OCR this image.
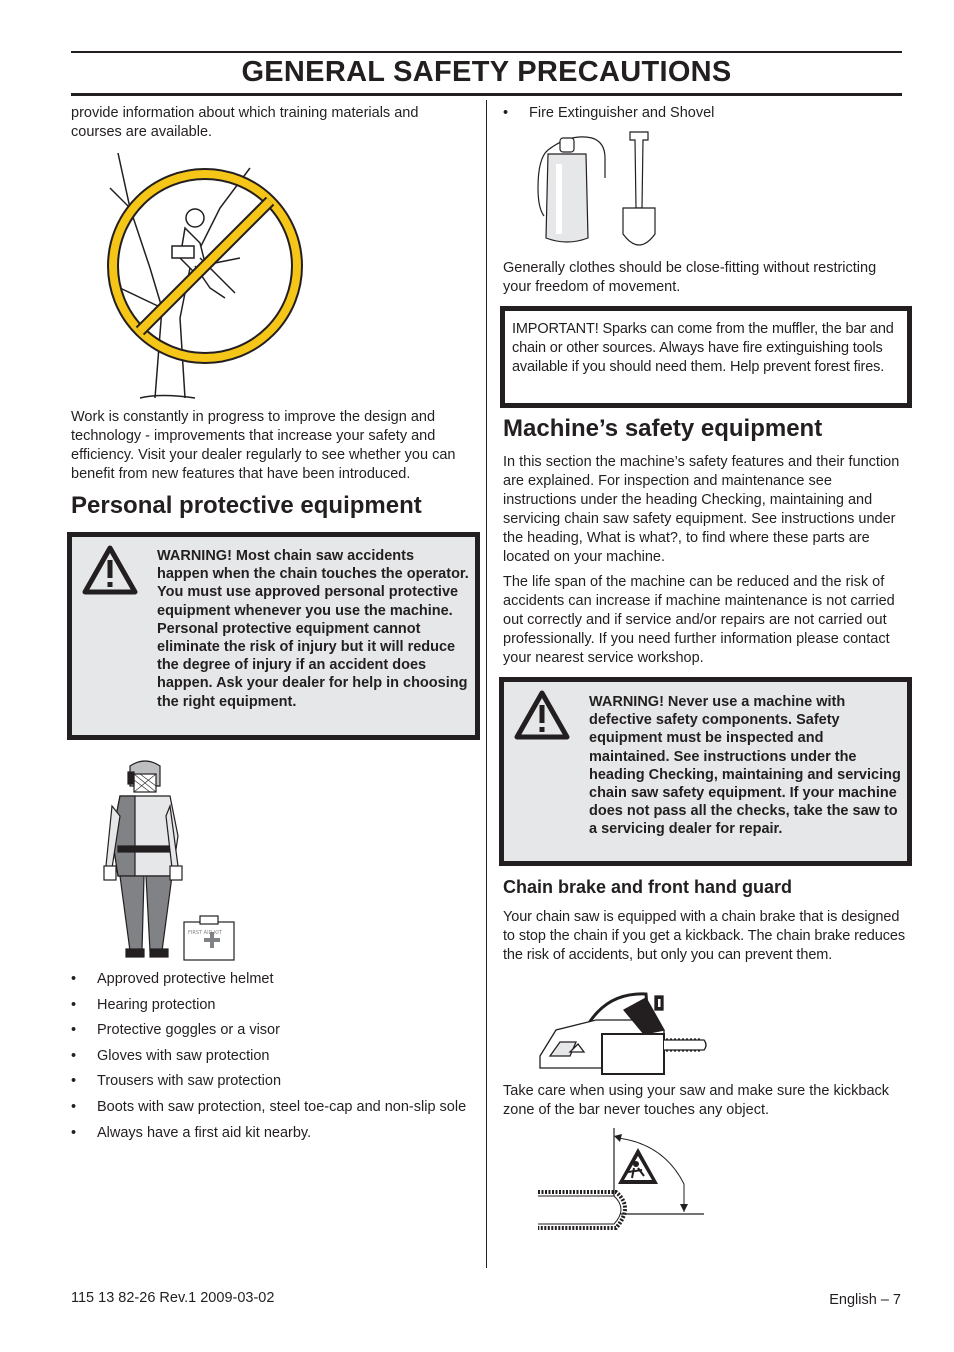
GENERAL SAFETY PRECAUTIONS

provide information about which training materials and courses are available.

Work is constantly in progress to improve the design and technology - improvements that increase your safety and efficiency. Visit your dealer regularly to see whether you can benefit from new features that have been introduced.

Personal protective equipment
WARNING! Most chain saw accidents happen when the chain touches the operator. You must use approved personal protective equipment whenever you use the machine. Personal protective equipment cannot eliminate the risk of injury but it will reduce the degree of injury if an accident does happen. Ask your dealer for help in choosing the right equipment.
FIRST AID KIT
• Approved protective helmet
• Hearing protection
• Protective goggles or a visor
• Gloves with saw protection
• Trousers with saw protection
• Boots with saw protection, steel toe-cap and non-slip sole
• Always have a first aid kit nearby.
• Fire Extinguisher and Shovel

Generally clothes should be close-fitting without restricting your freedom of movement.

IMPORTANT! Sparks can come from the muffler, the bar and chain or other sources. Always have fire extinguishing tools available if you should need them. Help prevent forest fires.

Machine’s safety equipment

In this section the machine’s safety features and their function are explained. For inspection and maintenance see instructions under the heading Checking, maintaining and servicing chain saw safety equipment. See instructions under the heading, What is what?, to find where these parts are located on your machine.

The life span of the machine can be reduced and the risk of accidents can increase if machine maintenance is not carried out correctly and if service and/or repairs are not carried out professionally. If you need further information please contact your nearest service workshop.

WARNING! Never use a machine with defective safety components. Safety equipment must be inspected and maintained. See instructions under the heading Checking, maintaining and servicing chain saw safety equipment. If your machine does not pass all the checks, take the saw to a servicing dealer for repair.
Chain brake and front hand guard

Your chain saw is equipped with a chain brake that is designed to stop the chain if you get a kickback. The chain brake reduces the risk of accidents, but only you can prevent them.

Take care when using your saw and make sure the kickback zone of the bar never touches any object.

115 13 82-26 Rev.1 2009-03-02	English – 7
